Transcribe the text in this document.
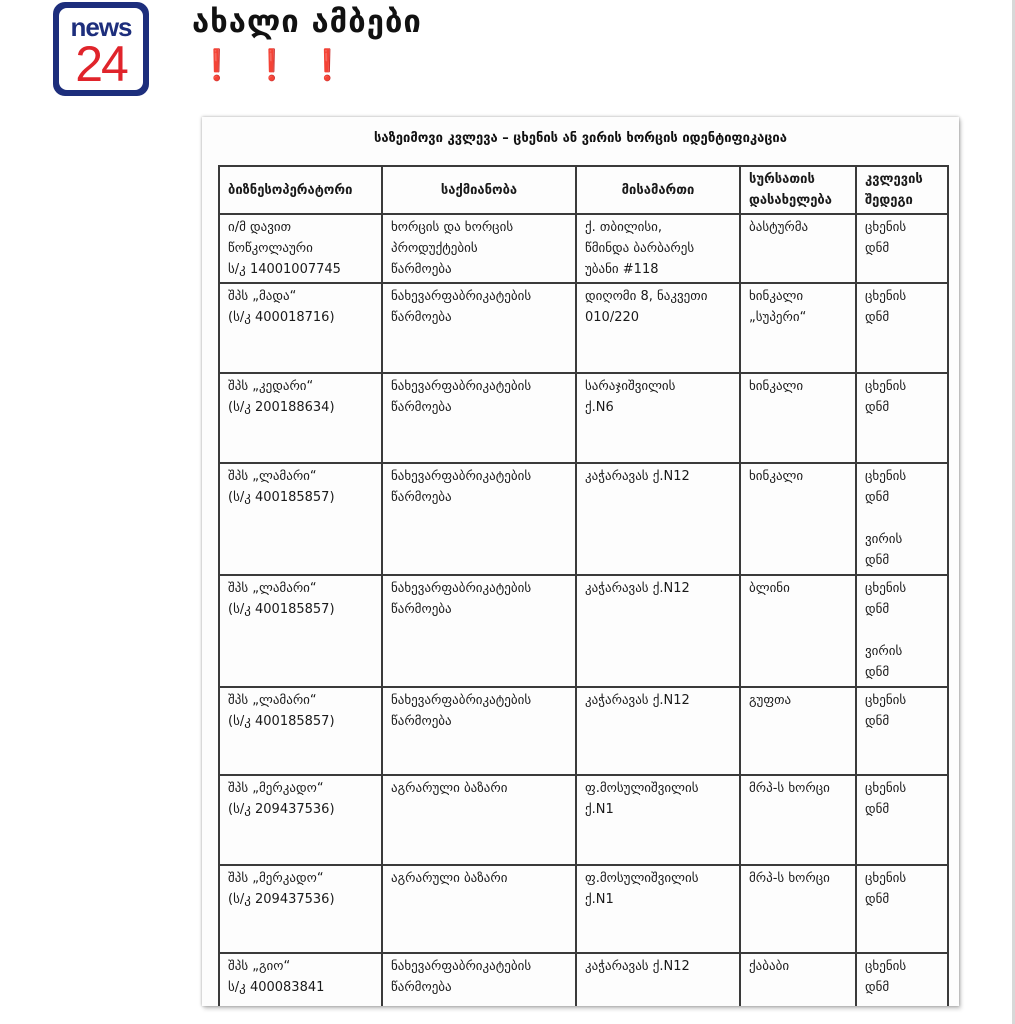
news
24
ახალი ამბები
❗❗❗
საზეიმოვი კვლევა – ცხენის ან ვირის ხორცის იდენტიფიკაცია
ბიზნესოპერატორი	საქმიანობა	მისამართი	სურსათის დასახელება	კვლევის შედეგი
ი/მ დავით
წოწკოლაური
ს/კ 14001007745	ხორცის და ხორცის
პროდუქტების
წარმოება	ქ. თბილისი,
წმინდა ბარბარეს
უბანი #118	ბასტურმა	ცხენის
დნმ
შპს „მადა“
(ს/კ 400018716)	ნახევარფაბრიკატების
წარმოება	დიღომი 8, ნაკვეთი
010/220	ხინკალი
„სუპერი“	ცხენის
დნმ
შპს „კედარი“
(ს/კ 200188634)	ნახევარფაბრიკატების
წარმოება	სარაჯიშვილის
ქ.N6	ხინკალი	ცხენის
დნმ
შპს „ლამარი“
(ს/კ 400185857)	ნახევარფაბრიკატების
წარმოება	კაჭარავას ქ.N12	ხინკალი	ცხენის
დნმ

ვირის
დნმ
შპს „ლამარი“
(ს/კ 400185857)	ნახევარფაბრიკატების
წარმოება	კაჭარავას ქ.N12	ბლინი	ცხენის
დნმ

ვირის
დნმ
შპს „ლამარი“
(ს/კ 400185857)	ნახევარფაბრიკატების
წარმოება	კაჭარავას ქ.N12	გუფთა	ცხენის
დნმ
შპს „მერკადო“
(ს/კ 209437536)	აგრარული ბაზარი	ფ.მოსულიშვილის
ქ.N1	მრპ-ს ხორცი	ცხენის
დნმ
შპს „მერკადო“
(ს/კ 209437536)	აგრარული ბაზარი	ფ.მოსულიშვილის
ქ.N1	მრპ-ს ხორცი	ცხენის
დნმ
შპს „გიო“
ს/კ 400083841	ნახევარფაბრიკატების
წარმოება	კაჭარავას ქ.N12	ქაბაბი	ცხენის
დნმ
